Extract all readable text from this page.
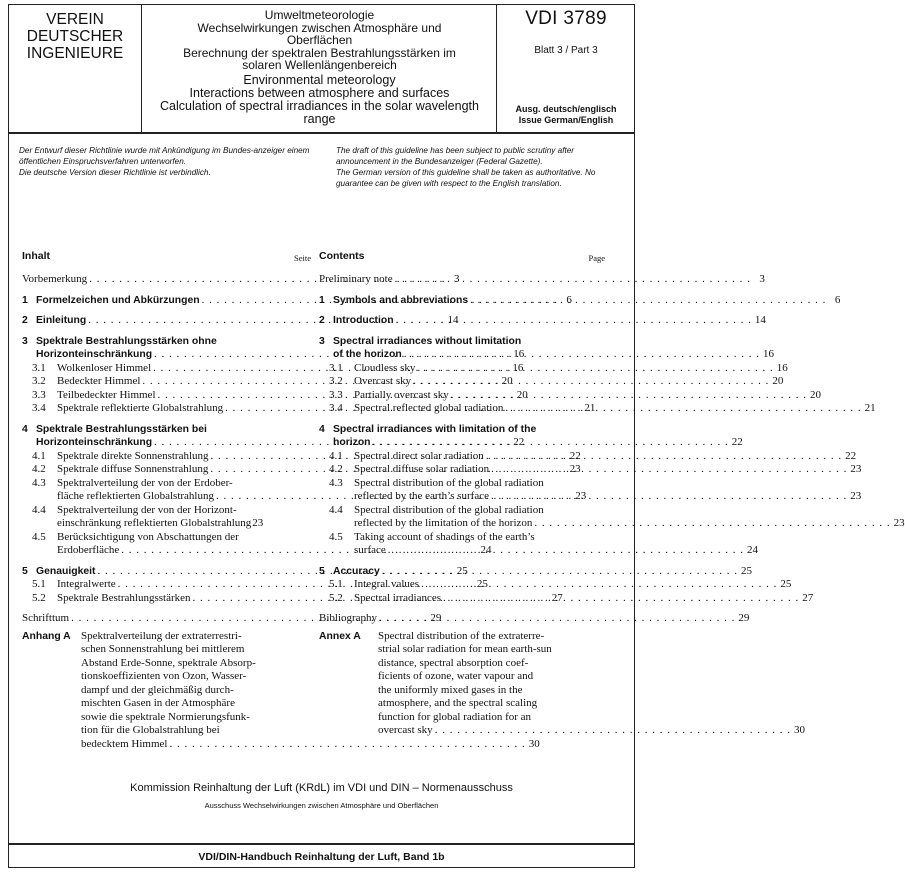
VEREIN
DEUTSCHER
INGENIEURE
Umweltmeteorologie
Wechselwirkungen zwischen Atmosphäre und
Oberflächen
Berechnung der spektralen Bestrahlungsstärken im
solaren Wellenlängenbereich
Environmental meteorology
Interactions between atmosphere and surfaces
Calculation of spectral irradiances in the solar wavelength
range
VDI 3789
Blatt 3 / Part 3
Ausg. deutsch/englisch
Issue German/English

Der Entwurf dieser Richtlinie wurde mit Ankündigung im Bundes-anzeiger einem öffentlichen Einspruchsverfahren unterworfen.

Die deutsche Version dieser Richtlinie ist verbindlich.

The draft of this guideline has been subject to public scrutiny after announcement in the Bundesanzeiger (Federal Gazette).

The German version of this guideline shall be taken as authoritative. No guarantee can be given with respect to the English translation.

Inhalt	Seite
Vorbemerkung . . .	3
1 Formelzeichen und Abkürzungen . . .	6
2 Einleitung . . .	14
3 Spektrale Bestrahlungsstärken ohne
Horizonteinschränkung . . .	16
3.1 Wolkenloser Himmel . . .	16
3.2 Bedeckter Himmel . . .	20
3.3 Teilbedeckter Himmel . . .	20
3.4 Spektrale reflektierte Globalstrahlung . . .	21
4 Spektrale Bestrahlungsstärken bei
Horizonteinschränkung . . .	22
4.1 Spektrale direkte Sonnenstrahlung . . .	22
4.2 Spektrale diffuse Sonnenstrahlung . . .	23
4.3 Spektralverteilung der von der Erdober-
fläche reflektierten Globalstrahlung . . .	23
4.4 Spektralverteilung der von der Horizont-
einschränkung reflektierten Globalstrahlung 23
4.5 Berücksichtigung von Abschattungen der
Erdoberfläche . . .	24
5 Genauigkeit . . .	25
5.1 Integralwerte . . .	25
5.2 Spektrale Bestrahlungsstärken . . .	27
Schrifttum . . .	29
Anhang A Spektralverteilung der extraterrestri-
schen Sonnenstrahlung bei mittlerem
Abstand Erde-Sonne, spektrale Absorp-
tionskoeffizienten von Ozon, Wasser-
dampf und der gleichmäßig durch-
mischten Gasen in der Atmosphäre
sowie die spektrale Normierungsfunk-
tion für die Globalstrahlung bei
bedecktem Himmel . . .	30
Contents	Page
Preliminary note . . .	3
1 Symbols and abbreviations . . .	6
2 Introduction . . .	14
3 Spectral irradiances without limitation
of the horizon . . .	16
3.1 Cloudless sky . . .	16
3.2 Overcast sky . . .	20
3.3 Partially overcast sky . . .	20
3.4 Spectral reflected global radiation . . .	21
4 Spectral irradiances with limitation of the
horizon . . .	22
4.1 Spectral direct solar radiation . . .	22
4.2 Spectral diffuse solar radiation . . .	23
4.3 Spectral distribution of the global radiation
reflected by the earth’s surface . . .	23
4.4 Spectral distribution of the global radiation
reflected by the limitation of the horizon . . .	23
4.5 Taking account of shadings of the earth’s
surface . . .	24
5 Accuracy . . .	25
5.1 Integral values . . .	25
5.2 Spectral irradiances . . .	27
Bibliography . . .	29
Annex A	Spectral distribution of the extraterre-
strial solar radiation for mean earth-sun
distance, spectral absorption coef-
ficients of ozone, water vapour and
the uniformly mixed gases in the
atmosphere, and the spectral scaling
function for global radiation for an
overcast sky . . .	30
Kommission Reinhaltung der Luft (KRdL) im VDI und DIN – Normenausschuss
Ausschuss Wechselwirkungen zwischen Atmosphäre und Oberflächen
VDI/DIN-Handbuch Reinhaltung der Luft, Band 1b
